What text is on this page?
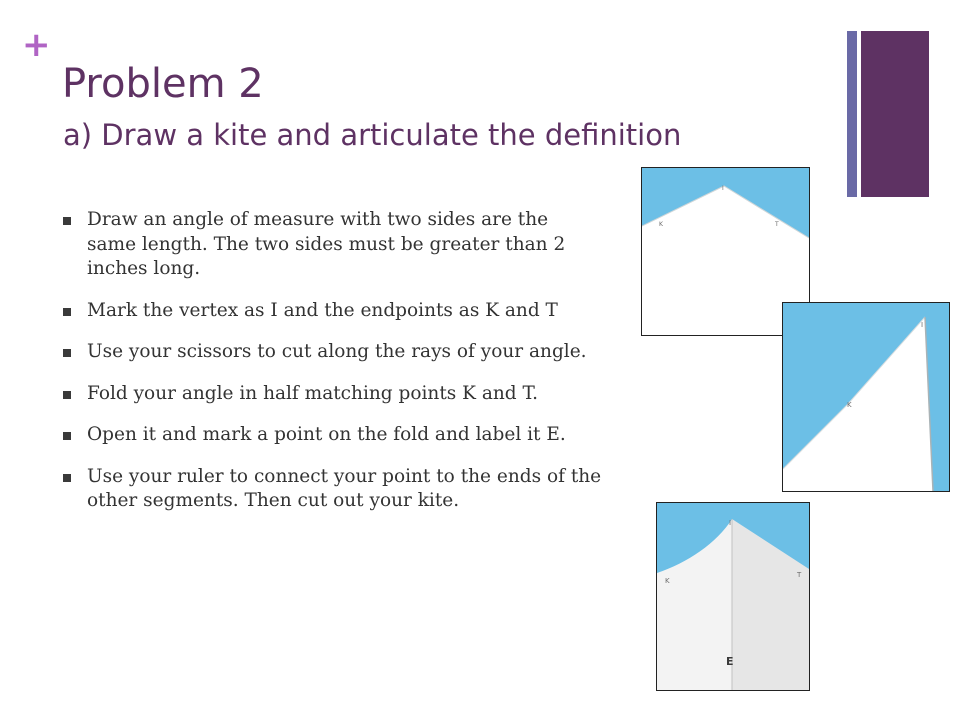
+
Problem 2
a) Draw a kite and articulate the definition
Draw an angle of measure with two sides are the same length. The two sides must be greater than 2 inches long.
Mark the vertex as I and the endpoints as K and T
Use your scissors to cut along the rays of your angle.
Fold your angle in half matching points K and T.
Open it and mark a point on the fold and label it E.
Use your ruler to connect your point to the ends of the other segments. Then cut out your kite.
I
K	T
I
K
I
K
T
E
